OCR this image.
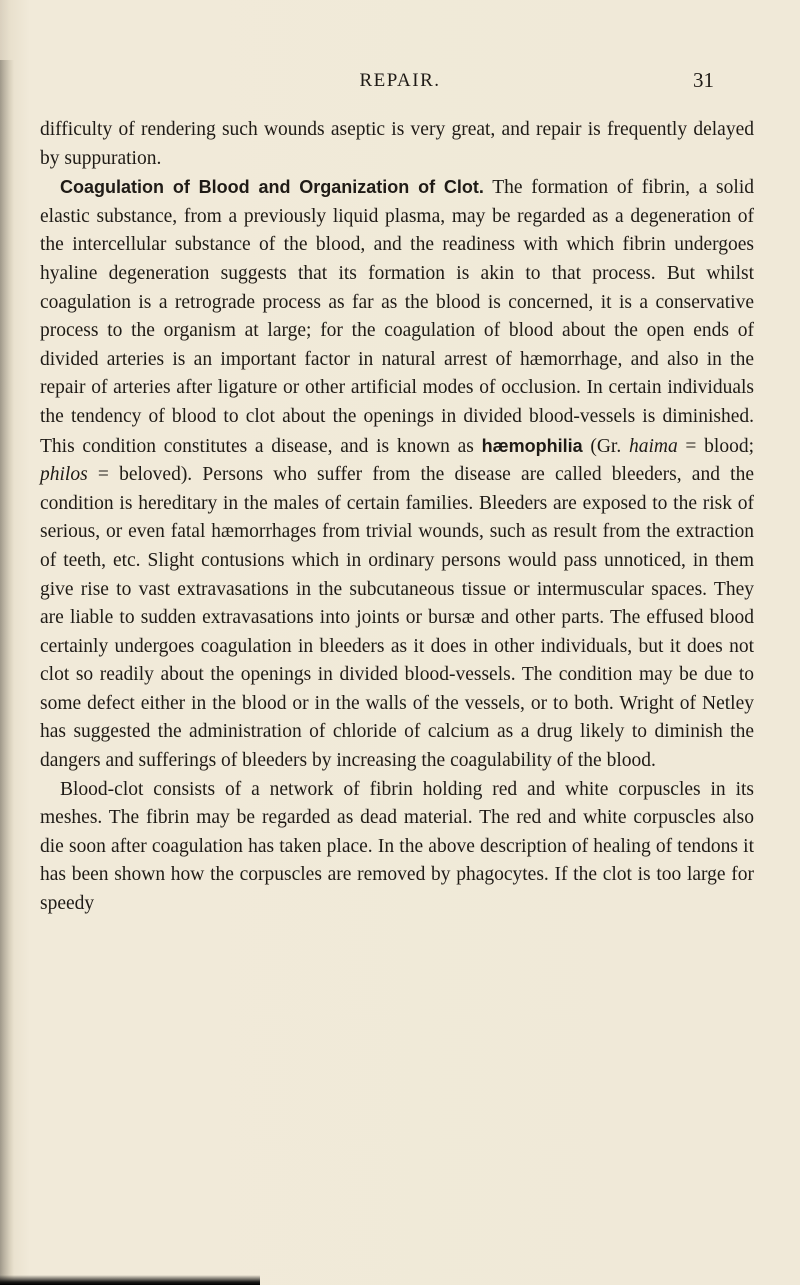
REPAIR.	31

difficulty of rendering such wounds aseptic is very great, and repair is frequently delayed by suppuration.

Coagulation of Blood and Organization of Clot. The formation of fibrin, a solid elastic substance, from a previously liquid plasma, may be regarded as a degeneration of the intercellular substance of the blood, and the readiness with which fibrin undergoes hyaline degeneration suggests that its formation is akin to that process. But whilst coagulation is a retrograde process as far as the blood is concerned, it is a conservative process to the organism at large; for the coagulation of blood about the open ends of divided arteries is an important factor in natural arrest of hæmorrhage, and also in the repair of arteries after ligature or other artificial modes of occlusion. In certain individuals the tendency of blood to clot about the openings in divided blood-vessels is diminished. This condition constitutes a disease, and is known as hæmophilia (Gr. haima = blood; philos = beloved). Persons who suffer from the disease are called bleeders, and the condition is hereditary in the males of certain families. Bleeders are exposed to the risk of serious, or even fatal hæmorrhages from trivial wounds, such as result from the extraction of teeth, etc. Slight contusions which in ordinary persons would pass unnoticed, in them give rise to vast extravasations in the subcutaneous tissue or intermuscular spaces. They are liable to sudden extravasations into joints or bursæ and other parts. The effused blood certainly undergoes coagulation in bleeders as it does in other individuals, but it does not clot so readily about the openings in divided blood-vessels. The condition may be due to some defect either in the blood or in the walls of the vessels, or to both. Wright of Netley has suggested the administration of chloride of calcium as a drug likely to diminish the dangers and sufferings of bleeders by increasing the coagulability of the blood.

Blood-clot consists of a network of fibrin holding red and white corpuscles in its meshes. The fibrin may be regarded as dead material. The red and white corpuscles also die soon after coagulation has taken place. In the above description of healing of tendons it has been shown how the corpuscles are removed by phagocytes. If the clot is too large for speedy
